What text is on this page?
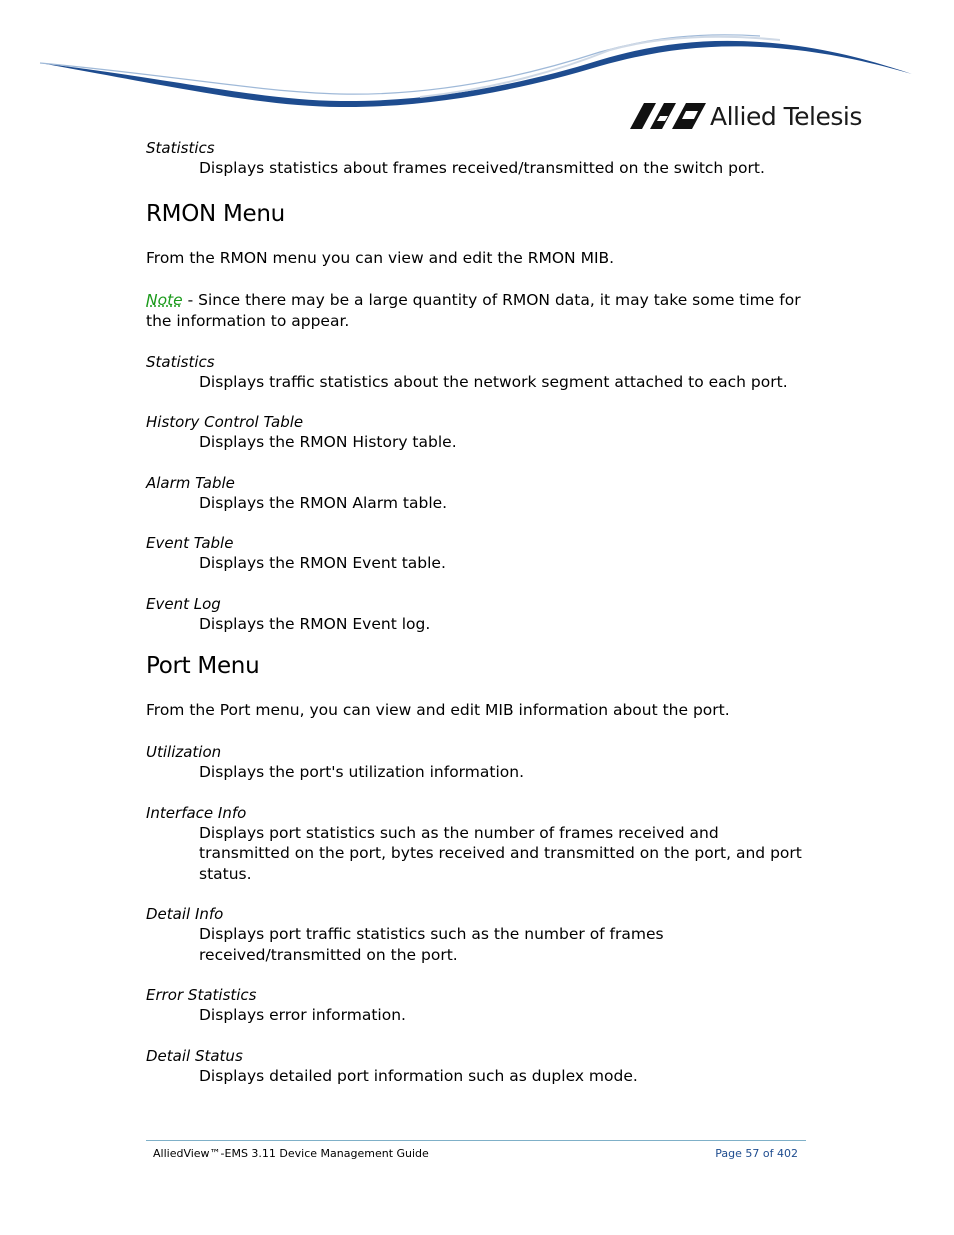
Allied Telesis

Statistics

Displays statistics about frames received/transmitted on the switch port.

RMON Menu

From the RMON menu you can view and edit the RMON MIB.

Note - Since there may be a large quantity of RMON data, it may take some time for the information to appear.

Statistics

Displays traffic statistics about the network segment attached to each port.

History Control Table

Displays the RMON History table.

Alarm Table

Displays the RMON Alarm table.

Event Table

Displays the RMON Event table.

Event Log

Displays the RMON Event log.

Port Menu

From the Port menu, you can view and edit MIB information about the port.

Utilization

Displays the port's utilization information.

Interface Info

Displays port statistics such as the number of frames received and transmitted on the port, bytes received and transmitted on the port, and port status.

Detail Info

Displays port traffic statistics such as the number of frames received/transmitted on the port.

Error Statistics

Displays error information.

Detail Status

Displays detailed port information such as duplex mode.

AlliedView™-EMS 3.11 Device Management Guide	Page 57 of 402
